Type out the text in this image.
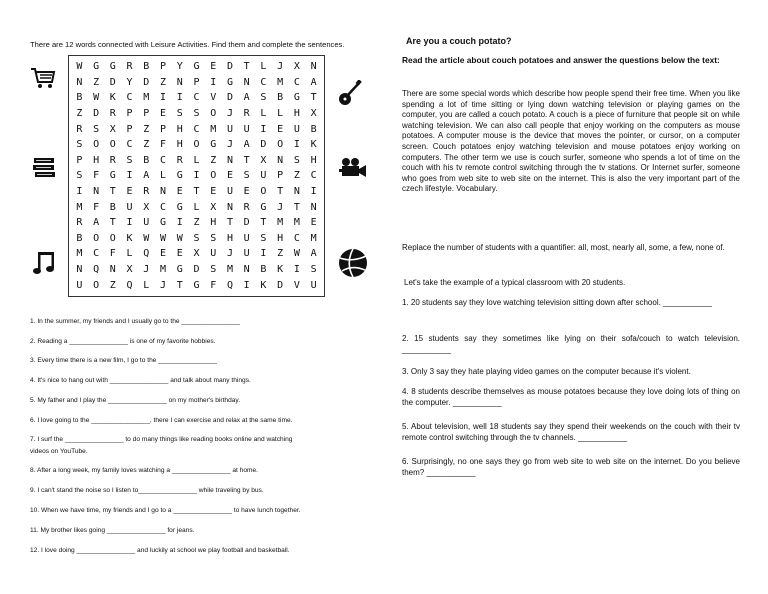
There are 12 words connected with Leisure Activities. Find them and complete the sentences.
W	G	G	R	B	P	Y	G	E	D	T	L	J	X	N
N	Z	D	Y	D	Z	N	P	I	G	N	C	M	C	A
B	W	K	C	M	I	I	C	V	D	A	S	B	G	T
Z	D	R	P	P	E	S	S	O	J	R	L	L	H	X
R	S	X	P	Z	P	H	C	M	U	U	I	E	U	B
S	O	O	C	Z	F	H	O	G	J	A	D	O	I	K
P	H	R	S	B	C	R	L	Z	N	T	X	N	S	H
S	F	G	I	A	L	G	I	O	E	S	U	P	Z	C
I	N	T	E	R	N	E	T	E	U	E	O	T	N	I
M	F	B	U	X	C	G	L	X	N	R	G	J	T	N
R	A	T	I	U	G	I	Z	H	T	D	T	M	M	E
B	O	O	K	W	W	W	S	S	H	U	S	H	C	M
M	C	F	L	Q	E	E	X	U	J	U	I	Z	W	A
N	Q	N	X	J	M	G	D	S	M	N	B	K	I	S
U	O	Z	Q	L	J	T	G	F	Q	I	K	D	V	U
1. In the summer, my friends and I usually go to the ________________
2. Reading a ________________ is one of my favorite hobbies.
3. Every time there is a new film, I go to the ________________
4. It's nice to hang out with ________________ and talk about many things.
5. My father and I play the ________________ on my mother's birthday.
6. I love going to the ________________, there I can exercise and relax at the same time.
7. I surf the ________________ to do many things like reading books online and watching
videos on YouTube.
8. After a long week, my family loves watching a ________________ at home.
9. I can't stand the noise so I listen to________________ while traveling by bus.
10. When we have time, my friends and I go to a ________________ to have lunch together.
11. My brother likes going ________________ for jeans.
12. I love doing ________________ and luckily at school we play football and basketball.
Are you a couch potato?
Read the article about couch potatoes and answer the questions below the text:
There are some special words which describe how people spend their free time. When you like spending a lot of time sitting or lying down watching television or playing games on the computer, you are called a couch potato. A couch is a piece of furniture that people sit on while watching television. We can also call people that enjoy working on the computers as mouse potatoes. A computer mouse is the device that moves the pointer, or cursor, on a computer screen. Couch potatoes enjoy watching television and mouse potatoes enjoy working on computers. The other term we use is couch surfer, someone who spends a lot of time on the couch with his tv remote control switching through the tv stations. Or Internet surfer, someone who goes from web site to web site on the internet. This is also the very important part of the czech lifestyle. Vocabulary.
Replace the number of students with a quantifier: all, most, nearly all, some, a few, none of.
Let's take the example of a typical classroom with 20 students.
1. 20 students say they love watching television sitting down after school. ___________
2. 15 students say they sometimes like lying on their sofa/couch to watch television. ___________
3. Only 3 say they hate playing video games on the computer because it's violent.
4. 8 students describe themselves as mouse potatoes because they love doing lots of thing on the computer. ___________
5. About television, well 18 students say they spend their weekends on the couch with their tv remote control switching through the tv channels. ___________
6. Surprisingly, no one says they go from web site to web site on the internet. Do you believe them? ___________
